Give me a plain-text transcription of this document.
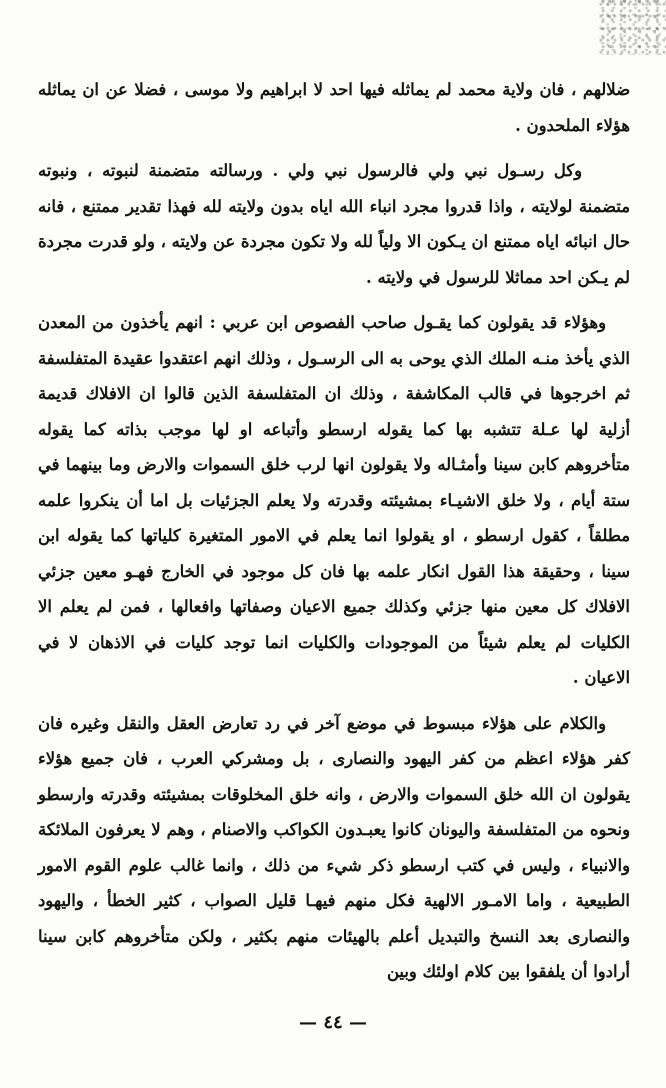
ضلالهم ، فان ولاية محمد لم يماثله فيها احد لا ابراهيم ولا موسى ، فضلا عن ان يماثله هؤلاء الملحدون .

وكل رسـول نبي ولي فالرسول نبي ولي . ورسالته متضمنة لنبوته ، ونبوته متضمنة لولايته ، واذا قدروا مجرد انباء الله اياه بدون ولايته لله فهذا تقدير ممتنع ، فانه حال انبائه اياه ممتنع ان يـكون الا ولياً لله ولا تكون مجردة عن ولايته ، ولو قدرت مجردة لم يـكن احد مماثلا للرسول في ولايته .

وهؤلاء قد يقولون كما يقـول صاحب الفصوص ابن عربي : انهم يأخذون من المعدن الذي يأخذ منـه الملك الذي يوحى به الى الرسـول ، وذلك انهم اعتقدوا عقيدة المتفلسفة ثم اخرجوها في قالب المكاشفة ، وذلك ان المتفلسفة الذين قالوا ان الافلاك قديمة أزلية لها عـلة تتشبه بها كما يقوله ارسطو وأتباعه او لها موجب بذاته كما يقوله متأخروهم كابن سينا وأمثـاله ولا يقولون انها لرب خلق السموات والارض وما بينهما في ستة أيام ، ولا خلق الاشيـاء بمشيئته وقدرته ولا يعلم الجزئيات بل اما أن ينكروا علمه مطلقاً ، كقول ارسطو ، او يقولوا انما يعلم في الامور المتغيرة كلياتها كما يقوله ابن سينا ، وحقيقة هذا القول انكار علمه بها فان كل موجود في الخارج فهـو معين جزئي الافلاك كل معين منها جزئي وكذلك جميع الاعيان وصفاتها وافعالها ، فمن لم يعلم الا الكليات لم يعلم شيئاً من الموجودات والكليات انما توجد كليات في الاذهان لا في الاعيان .

والكلام على هؤلاء مبسوط في موضع آخر في رد تعارض العقل والنقل وغيره فان كفر هؤلاء اعظم من كفر اليهود والنصارى ، بل ومشركي العرب ، فان جميع هؤلاء يقولون ان الله خلق السموات والارض ، وانه خلق المخلوقات بمشيئته وقدرته وارسطو ونحوه من المتفلسفة واليونان كانوا يعبـدون الكواكب والاصنام ، وهم لا يعرفون الملائكة والانبياء ، وليس في كتب ارسطو ذكر شيء من ذلك ، وانما غالب علوم القوم الامور الطبيعية ، واما الامـور الالهية فكل منهم فيهـا قليل الصواب ، كثير الخطأ ، واليهود والنصارى بعد النسخ والتبديل أعلم بالهيئات منهم بكثير ، ولكن متأخروهم كابن سينا أرادوا أن يلفقوا بين كلام اولئك وبين

— ٤٤ —
